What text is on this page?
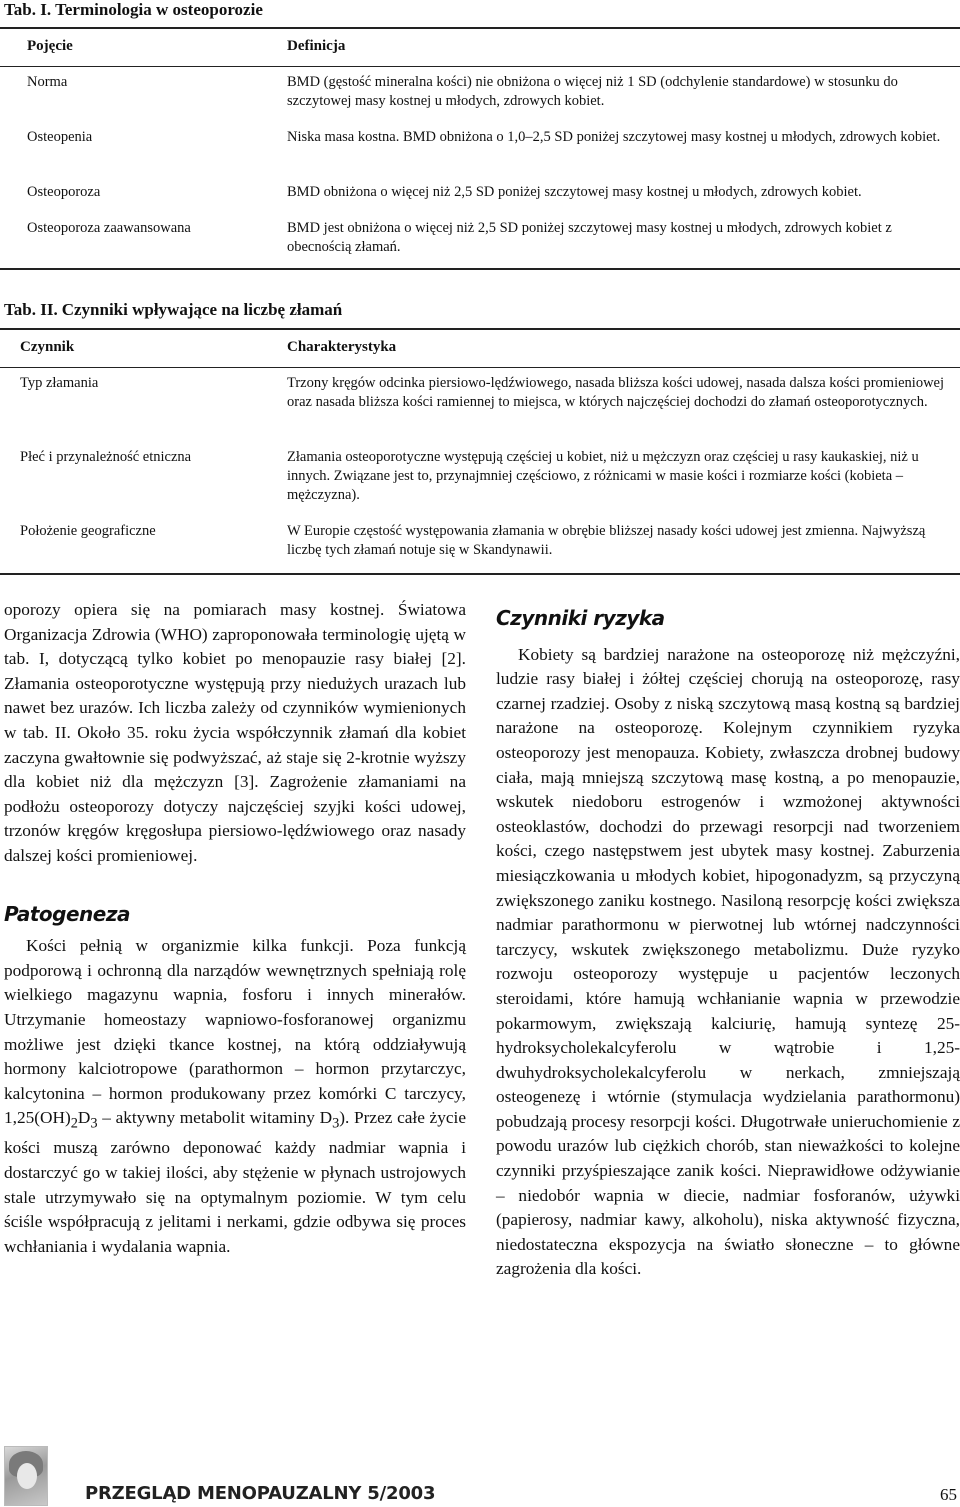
Tab. I. Terminologia w osteoporozie
Pojęcie	Definicja
Norma	BMD (gęstość mineralna kości) nie obniżona o więcej niż 1 SD (odchylenie standardowe) w stosunku do szczytowej masy kostnej u młodych, zdrowych kobiet.
Osteopenia	Niska masa kostna. BMD obniżona o 1,0–2,5 SD poniżej szczytowej masy kostnej u młodych, zdrowych kobiet.
Osteoporoza	BMD obniżona o więcej niż 2,5 SD poniżej szczytowej masy kostnej u młodych, zdrowych kobiet.
Osteoporoza zaawansowana	BMD jest obniżona o więcej niż 2,5 SD poniżej szczytowej masy kostnej u młodych, zdrowych kobiet z obecnością złamań.
Tab. II. Czynniki wpływające na liczbę złamań
Czynnik	Charakterystyka
Typ złamania	Trzony kręgów odcinka piersiowo-lędźwiowego, nasada bliższa kości udowej, nasada dalsza kości promieniowej oraz nasada bliższa kości ramiennej to miejsca, w których najczęściej dochodzi do złamań osteoporotycznych.
Płeć i przynależność etniczna	Złamania osteoporotyczne występują częściej u kobiet, niż u mężczyzn oraz częściej u rasy kaukaskiej, niż u innych. Związane jest to, przynajmniej częściowo, z różnicami w masie kości i rozmiarze kości (kobieta – mężczyzna).
Położenie geograficzne	W Europie częstość występowania złamania w obrębie bliższej nasady kości udowej jest zmienna. Najwyższą liczbę tych złamań notuje się w Skandynawii.

oporozy opiera się na pomiarach masy kostnej. Światowa Organizacja Zdrowia (WHO) zaproponowała terminologię ujętą w tab. I, dotyczącą tylko kobiet po menopauzie rasy białej [2]. Złamania osteoporotyczne występują przy niedużych urazach lub nawet bez urazów. Ich liczba zależy od czynników wymienionych w tab. II. Około 35. roku życia współczynnik złamań dla kobiet zaczyna gwałtownie się podwyższać, aż staje się 2-krotnie wyższy dla kobiet niż dla mężczyzn [3]. Zagrożenie złamaniami na podłożu osteoporozy dotyczy najczęściej szyjki kości udowej, trzonów kręgów kręgosłupa piersiowo-lędźwiowego oraz nasady dalszej kości promieniowej.

Patogeneza

Kości pełnią w organizmie kilka funkcji. Poza funkcją podporową i ochronną dla narządów wewnętrznych spełniają rolę wielkiego magazynu wapnia, fosforu i innych minerałów. Utrzymanie homeostazy wapniowo-fosforanowej organizmu możliwe jest dzięki tkance kostnej, na którą oddziaływują hormony kalciotropowe (parathormon – hormon przytarczyc, kalcytonina – hormon produkowany przez komórki C tarczycy, $1,25(OH)_2D_3$ – aktywny metabolit witaminy $D_3$). Przez całe życie kości muszą zarówno deponować każdy nadmiar wapnia i dostarczyć go w takiej ilości, aby stężenie w płynach ustrojowych stale utrzymywało się na optymalnym poziomie. W tym celu ściśle współpracują z jelitami i nerkami, gdzie odbywa się proces wchłaniania i wydalania wapnia.

Czynniki ryzyka

Kobiety są bardziej narażone na osteoporozę niż mężczyźni, ludzie rasy białej i żółtej częściej chorują na osteoporozę, rasy czarnej rzadziej. Osoby z niską szczytową masą kostną są bardziej narażone na osteoporozę. Kolejnym czynnikiem ryzyka osteoporozy jest menopauza. Kobiety, zwłaszcza drobnej budowy ciała, mają mniejszą szczytową masę kostną, a po menopauzie, wskutek niedoboru estrogenów i wzmożonej aktywności osteoklastów, dochodzi do przewagi resorpcji nad tworzeniem kości, czego następstwem jest ubytek masy kostnej. Zaburzenia miesiączkowania u młodych kobiet, hipogonadyzm, są przyczyną zwiększonego zaniku kostnego. Nasiloną resorpcję kości zwiększa nadmiar parathormonu w pierwotnej lub wtórnej nadczynności tarczycy, wskutek zwiększonego metabolizmu. Duże ryzyko rozwoju osteoporozy występuje u pacjentów leczonych steroidami, które hamują wchłanianie wapnia w przewodzie pokarmowym, zwiększają kalciurię, hamują syntezę 25-hydroksycholekalcyferolu w wątrobie i 1,25-dwuhydroksycholekalcyferolu w nerkach, zmniejszają osteogenezę i wtórnie (stymulacja wydzielania parathormonu) pobudzają procesy resorpcji kości. Długotrwałe unieruchomienie z powodu urazów lub ciężkich chorób, stan nieważkości to kolejne czynniki przyśpieszające zanik kości. Nieprawidłowe odżywianie – niedobór wapnia w diecie, nadmiar fosforanów, używki (papierosy, nadmiar kawy, alkoholu), niska aktywność fizyczna, niedostateczna ekspozycja na światło słoneczne – to główne zagrożenia dla kości.

PRZEGLĄD MENOPAUZALNY 5/2003	65
